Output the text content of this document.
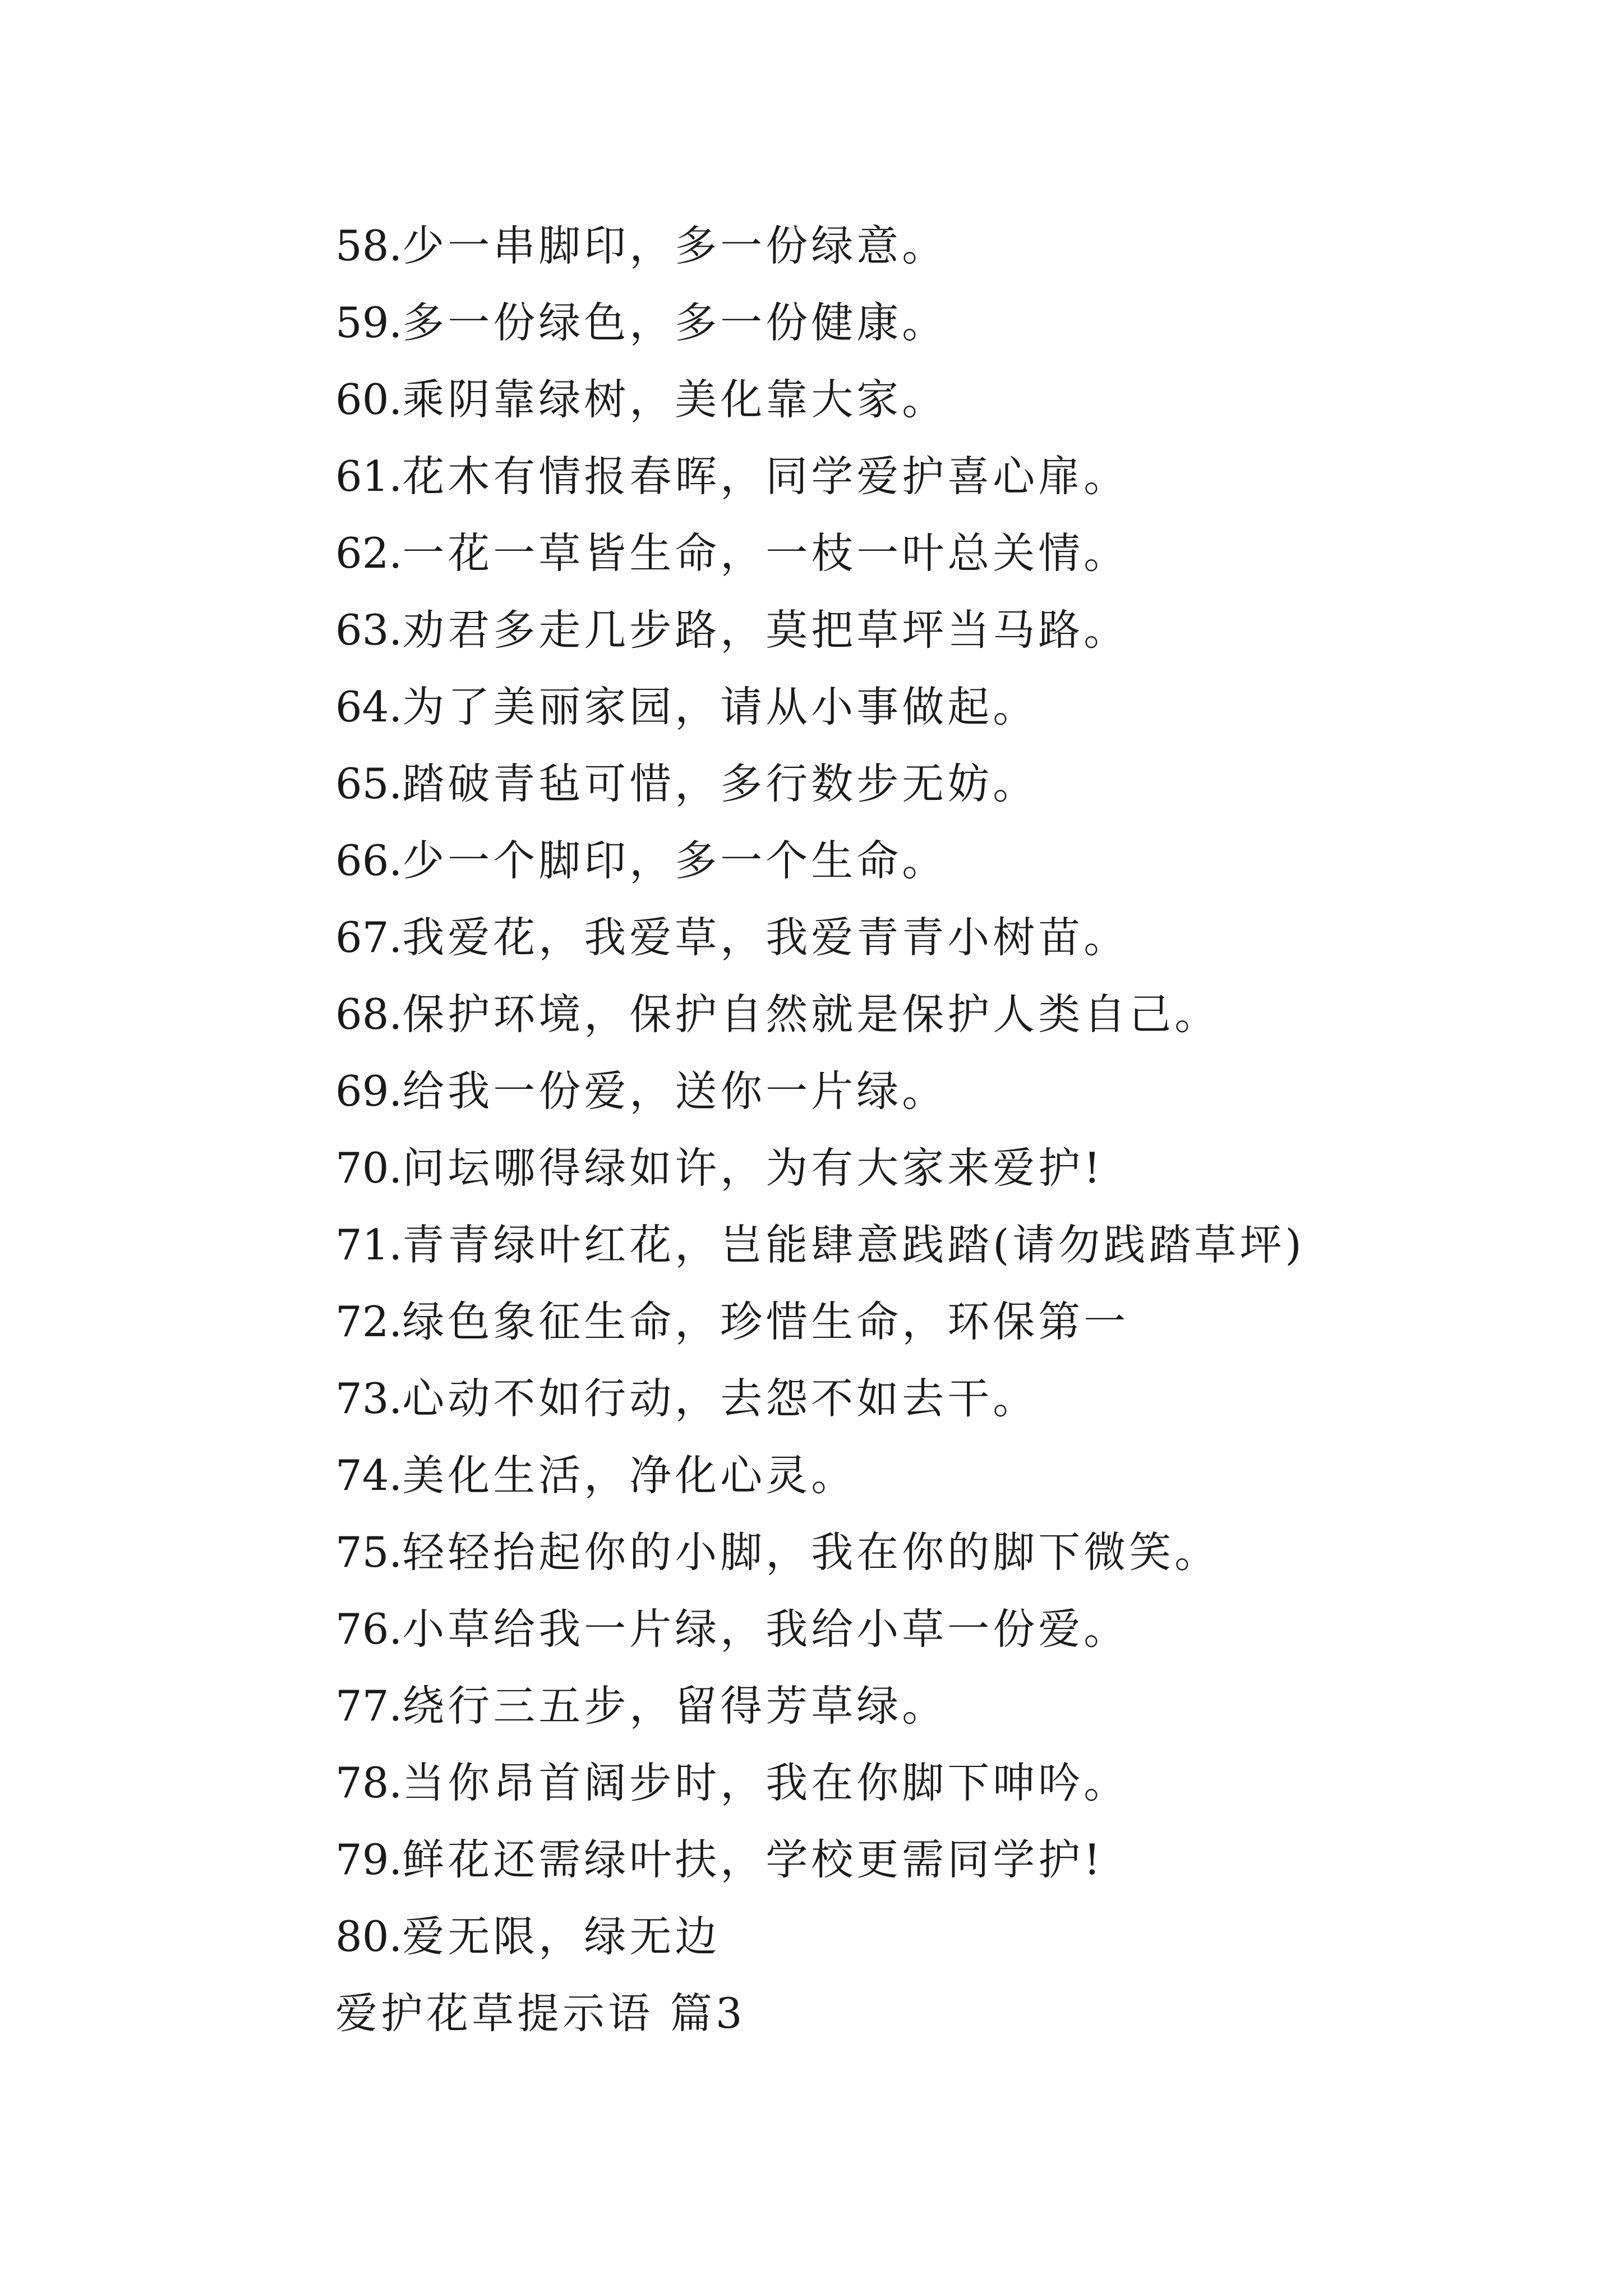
58.少一串脚印，多一份绿意。
59.多一份绿色，多一份健康。
60.乘阴靠绿树，美化靠大家。
61.花木有情报春晖，同学爱护喜心扉。
62.一花一草皆生命，一枝一叶总关情。
63.劝君多走几步路，莫把草坪当马路。
64.为了美丽家园，请从小事做起。
65.踏破青毡可惜，多行数步无妨。
66.少一个脚印，多一个生命。
67.我爱花，我爱草，我爱青青小树苗。
68.保护环境，保护自然就是保护人类自己。
69.给我一份爱，送你一片绿。
70.问坛哪得绿如许，为有大家来爱护!
71.青青绿叶红花，岂能肆意践踏(请勿践踏草坪)
72.绿色象征生命，珍惜生命，环保第一
73.心动不如行动，去怨不如去干。
74.美化生活，净化心灵。
75.轻轻抬起你的小脚，我在你的脚下微笑。
76.小草给我一片绿，我给小草一份爱。
77.绕行三五步，留得芳草绿。
78.当你昂首阔步时，我在你脚下呻吟。
79.鲜花还需绿叶扶，学校更需同学护!
80.爱无限，绿无边
爱护花草提示语 篇3
